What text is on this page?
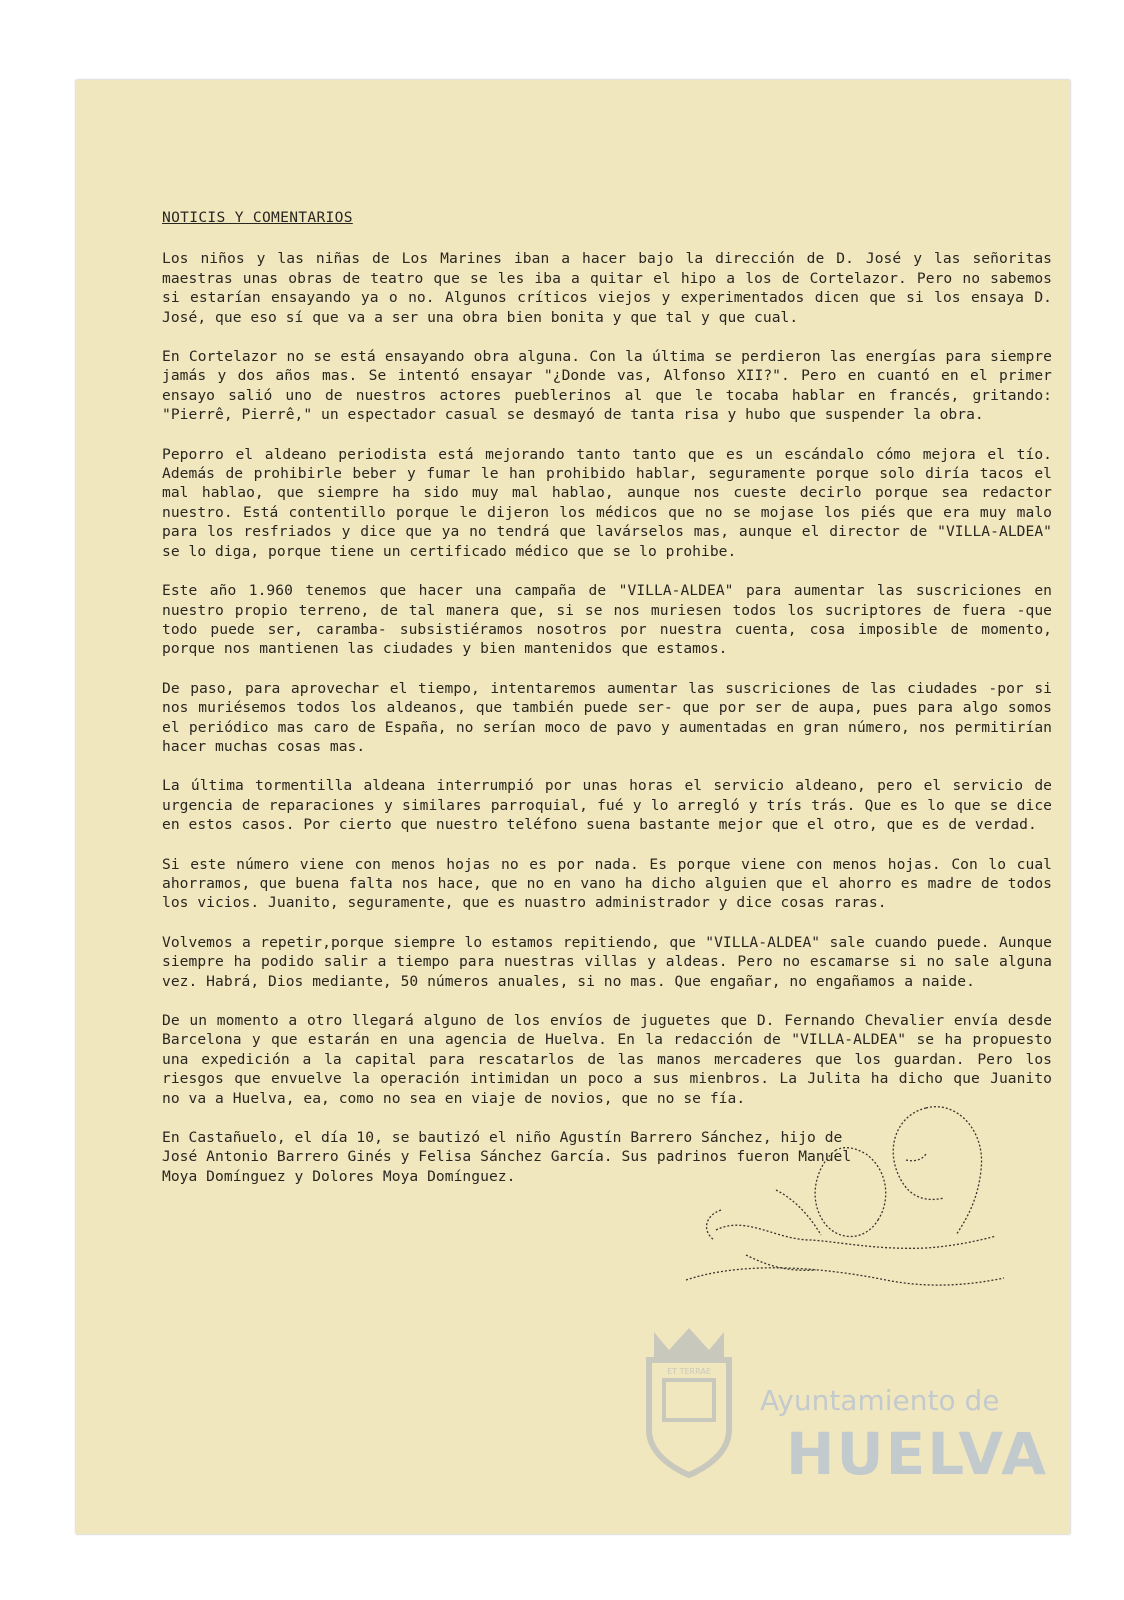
NOTICIS Y COMENTARIOS

Los niños y las niñas de Los Marines iban a hacer bajo la dirección de D. José y las señoritas maestras unas obras de teatro que se les iba a quitar el hipo a los de Cortelazor. Pero no sabemos si estarían ensayando ya o no. Algunos críticos viejos y experimentados dicen que si los ensaya D. José, que eso sí que va a ser una obra bien bonita y que tal y que cual.

En Cortelazor no se está ensayando obra alguna. Con la última se perdieron las energías para siempre jamás y dos años mas. Se intentó ensayar "¿Donde vas, Alfonso XII?". Pero en cuantó en el primer ensayo salió uno de nuestros actores pueblerinos al que le tocaba hablar en francés, gritando: "Pierrê, Pierrê," un espectador casual se desmayó de tanta risa y hubo que suspender la obra.

Peporro el aldeano periodista está mejorando tanto tanto que es un escándalo cómo mejora el tío. Además de prohibirle beber y fumar le han prohibido hablar, seguramente porque solo diría tacos el mal hablao, que siempre ha sido muy mal hablao, aunque nos cueste decirlo porque sea redactor nuestro. Está contentillo porque le dijeron los médicos que no se mojase los piés que era muy malo para los resfriados y dice que ya no tendrá que lavárselos mas, aunque el director de "VILLA-ALDEA" se lo diga, porque tiene un certificado médico que se lo prohibe.

Este año 1.960 tenemos que hacer una campaña de "VILLA-ALDEA" para aumentar las suscriciones en nuestro propio terreno, de tal manera que, si se nos muriesen todos los sucriptores de fuera -que todo puede ser, caramba- subsistiéramos nosotros por nuestra cuenta, cosa imposible de momento, porque nos mantienen las ciudades y bien mantenidos que estamos.

De paso, para aprovechar el tiempo, intentaremos aumentar las suscriciones de las ciudades -por si nos muriésemos todos los aldeanos, que también puede ser- que por ser de aupa, pues para algo somos el periódico mas caro de España, no serían moco de pavo y aumentadas en gran número, nos permitirían hacer muchas cosas mas.

La última tormentilla aldeana interrumpió por unas horas el servicio aldeano, pero el servicio de urgencia de reparaciones y similares parroquial, fué y lo arregló y trís trás. Que es lo que se dice en estos casos. Por cierto que nuestro teléfono suena bastante mejor que el otro, que es de verdad.

Si este número viene con menos hojas no es por nada. Es porque viene con menos hojas. Con lo cual ahorramos, que buena falta nos hace, que no en vano ha dicho alguien que el ahorro es madre de todos los vicios. Juanito, seguramente, que es nuastro administrador y dice cosas raras.

Volvemos a repetir,porque siempre lo estamos repitiendo, que "VILLA-ALDEA" sale cuando puede. Aunque siempre ha podido salir a tiempo para nuestras villas y aldeas. Pero no escamarse si no sale alguna vez. Habrá, Dios mediante, 50 números anuales, si no mas. Que engañar, no engañamos a naide.

De un momento a otro llegará alguno de los envíos de juguetes que D. Fernando Chevalier envía desde Barcelona y que estarán en una agencia de Huelva. En la redacción de "VILLA-ALDEA" se ha propuesto una expedición a la capital para rescatarlos de las manos mercaderes que los guardan. Pero los riesgos que envuelve la operación intimidan un poco a sus mienbros. La Julita ha dicho que Juanito no va a Huelva, ea, como no sea en viaje de novios, que no se fía.

En Castañuelo, el día 10, se bautizó el niño Agustín Barrero Sánchez, hijo de José Antonio Barrero Ginés y Felisa Sánchez García. Sus padrinos fueron Manuel Moya Domínguez y Dolores Moya Domínguez.

ET TERRAE
Ayuntamiento de
HUELVA
